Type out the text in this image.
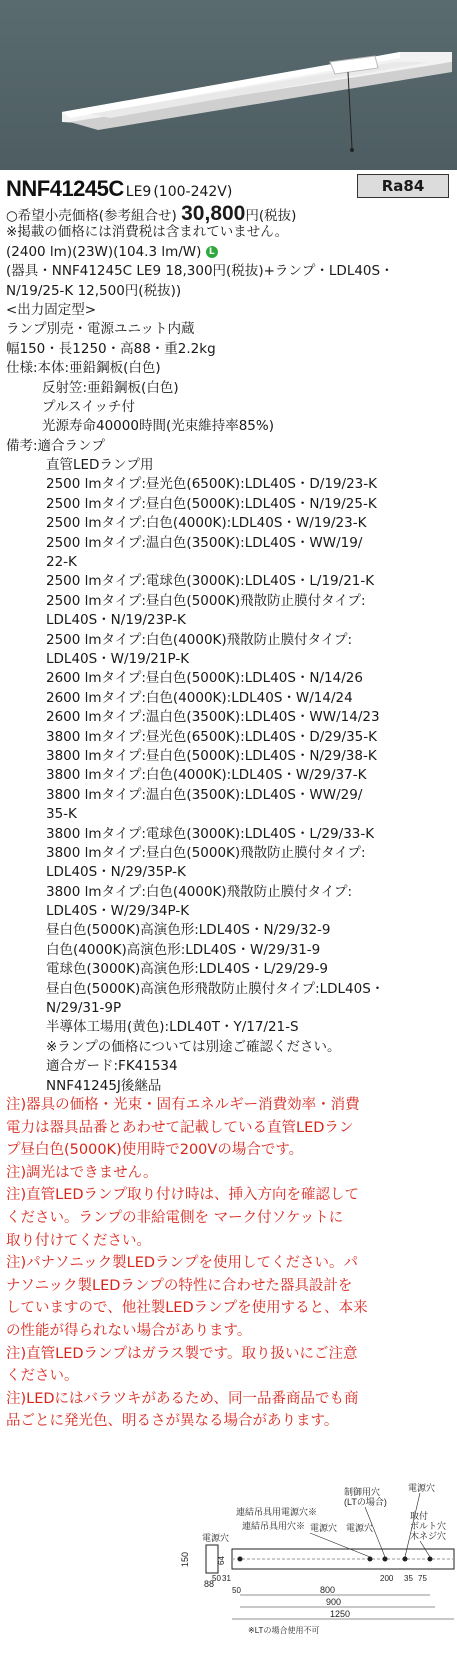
NNF41245C LE9 (100-242V)	Ra84
○希望小売価格(参考組合せ) 30,800円(税抜)
※掲載の価格には消費税は含まれていません。
(2400 lm)(23W)(104.3 lm/W) L
(器具・NNF41245C LE9 18,300円(税抜)+ランプ・LDL40S・
N/19/25-K 12,500円(税抜))
<出力固定型>
ランプ別売・電源ユニット内蔵
幅150・長1250・高88・重2.2kg
仕様:本体:亜鉛鋼板(白色)
反射笠:亜鉛鋼板(白色)
プルスイッチ付
光源寿命40000時間(光束維持率85%)
備考:適合ランプ
直管LEDランプ用
2500 lmタイプ:昼光色(6500K):LDL40S・D/19/23-K
2500 lmタイプ:昼白色(5000K):LDL40S・N/19/25-K
2500 lmタイプ:白色(4000K):LDL40S・W/19/23-K
2500 lmタイプ:温白色(3500K):LDL40S・WW/19/
22-K
2500 lmタイプ:電球色(3000K):LDL40S・L/19/21-K
2500 lmタイプ:昼白色(5000K)飛散防止膜付タイプ:
LDL40S・N/19/23P-K
2500 lmタイプ:白色(4000K)飛散防止膜付タイプ:
LDL40S・W/19/21P-K
2600 lmタイプ:昼白色(5000K):LDL40S・N/14/26
2600 lmタイプ:白色(4000K):LDL40S・W/14/24
2600 lmタイプ:温白色(3500K):LDL40S・WW/14/23
3800 lmタイプ:昼光色(6500K):LDL40S・D/29/35-K
3800 lmタイプ:昼白色(5000K):LDL40S・N/29/38-K
3800 lmタイプ:白色(4000K):LDL40S・W/29/37-K
3800 lmタイプ:温白色(3500K):LDL40S・WW/29/
35-K
3800 lmタイプ:電球色(3000K):LDL40S・L/29/33-K
3800 lmタイプ:昼白色(5000K)飛散防止膜付タイプ:
LDL40S・N/29/35P-K
3800 lmタイプ:白色(4000K)飛散防止膜付タイプ:
LDL40S・W/29/34P-K
昼白色(5000K)高演色形:LDL40S・N/29/32-9
白色(4000K)高演色形:LDL40S・W/29/31-9
電球色(3000K)高演色形:LDL40S・L/29/29-9
昼白色(5000K)高演色形飛散防止膜付タイプ:LDL40S・
N/29/31-9P
半導体工場用(黄色):LDL40T・Y/17/21-S
※ランプの価格については別途ご確認ください。
適合ガード:FK41534
NNF41245J後継品
注)器具の価格・光束・固有エネルギー消費効率・消費
電力は器具品番とあわせて記載している直管LEDラン
プ昼白色(5000K)使用時で200Vの場合です。
注)調光はできません。
注)直管LEDランプ取り付け時は、挿入方向を確認して
ください。ランプの非給電側を マーク付ソケットに
取り付けてください。
注)パナソニック製LEDランプを使用してください。パ
ナソニック製LEDランプの特性に合わせた器具設計を
していますので、他社製LEDランプを使用すると、本来
の性能が得られない場合があります。
注)直管LEDランプはガラス製です。取り扱いにご注意
ください。
注)LEDにはバラツキがあるため、同一品番商品でも商
品ごとに発光色、明るさが異なる場合があります。
制御用穴
(LTの場合)
電源穴
連結吊具用電源穴※
連結吊具用穴※ 電源穴 電源穴
取付
ボルト穴
木ネジ穴
電源穴
150	64
88
50 31
50
200 35 75
800
900
1250
※LTの場合使用不可
